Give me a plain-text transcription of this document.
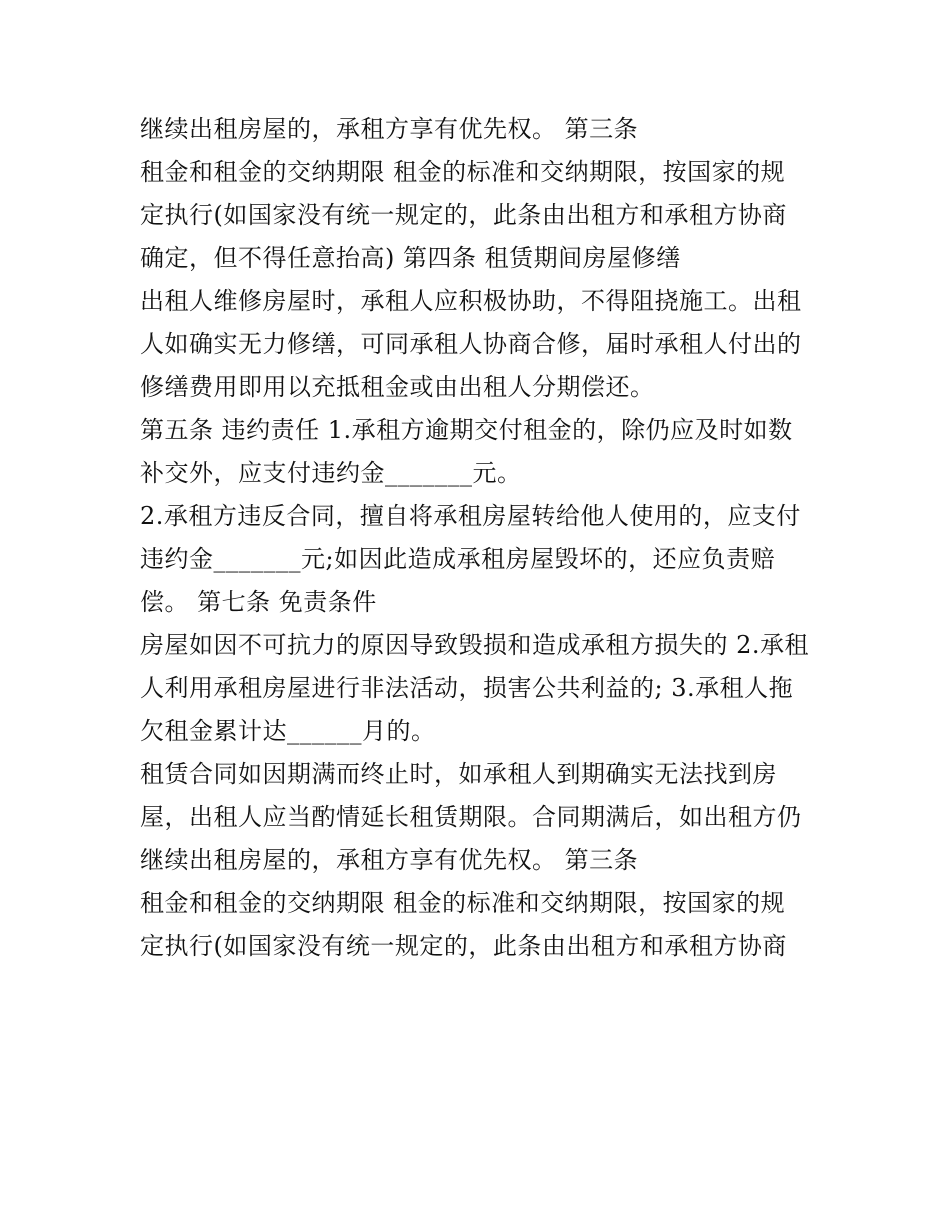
继续出租房屋的，承租方享有优先权。 第三条
租金和租金的交纳期限 租金的标准和交纳期限，按国家的规
定执行(如国家没有统一规定的，此条由出租方和承租方协商
确定，但不得任意抬高) 第四条 租赁期间房屋修缮
出租人维修房屋时，承租人应积极协助，不得阻挠施工。出租
人如确实无力修缮，可同承租人协商合修，届时承租人付出的
修缮费用即用以充抵租金或由出租人分期偿还。
第五条 违约责任 1.承租方逾期交付租金的，除仍应及时如数
补交外，应支付违约金_______元。
2.承租方违反合同，擅自将承租房屋转给他人使用的，应支付
违约金_______元;如因此造成承租房屋毁坏的，还应负责赔
偿。 第七条 免责条件
房屋如因不可抗力的原因导致毁损和造成承租方损失的 2.承租
人利用承租房屋进行非法活动，损害公共利益的; 3.承租人拖
欠租金累计达______月的。
租赁合同如因期满而终止时，如承租人到期确实无法找到房
屋，出租人应当酌情延长租赁期限。合同期满后，如出租方仍
继续出租房屋的，承租方享有优先权。 第三条
租金和租金的交纳期限 租金的标准和交纳期限，按国家的规
定执行(如国家没有统一规定的，此条由出租方和承租方协商
